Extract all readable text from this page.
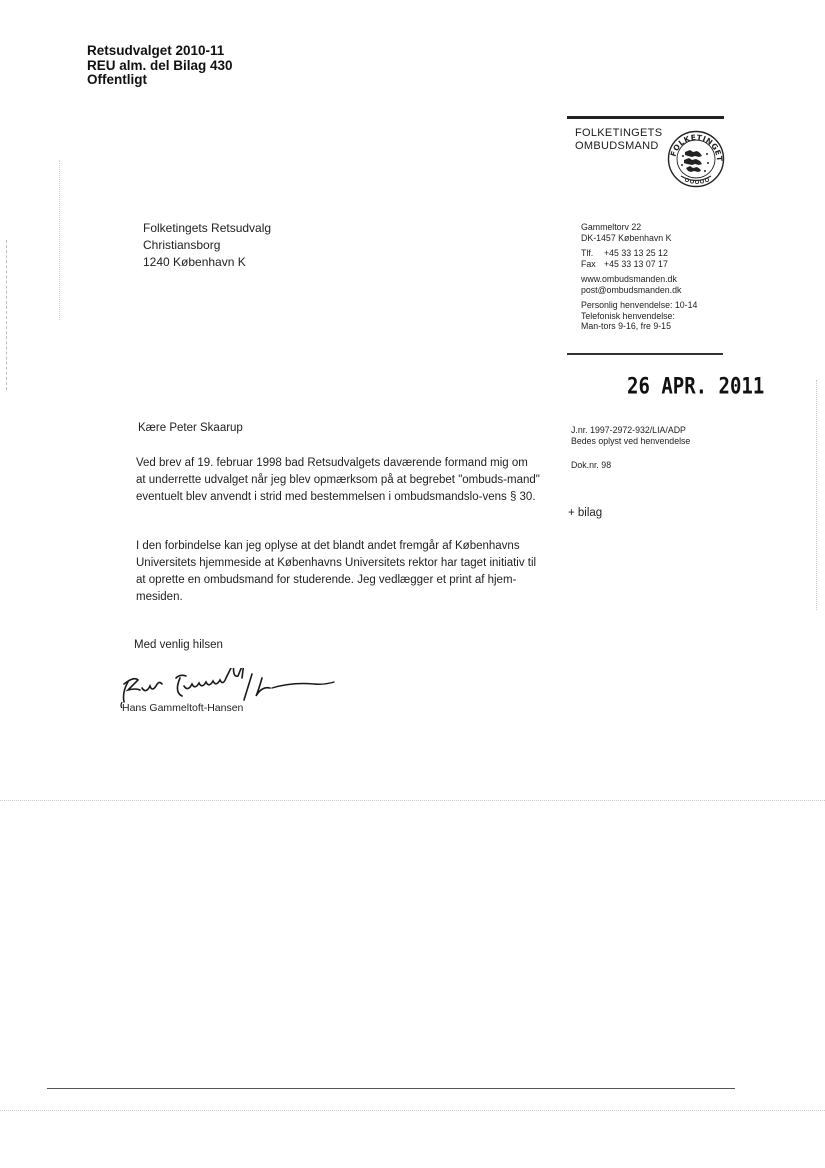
Retsudvalget 2010-11
REU alm. del Bilag 430
Offentligt
FOLKETINGETS
OMBUDSMAND
FOLKETINGET
Folketingets Retsudvalg
Christiansborg
1240 København K
Gammeltorv 22
DK-1457 København K
Tlf.	+45 33 13 25 12
Fax +45 33 13 07 17
www.ombudsmanden.dk
post@ombudsmanden.dk
Personlig henvendelse: 10-14
Telefonisk henvendelse:
Man-tors 9-16, fre 9-15
26 APR. 2011
J.nr. 1997-2972-932/LIA/ADP
Bedes oplyst ved henvendelse
Dok.nr. 98
+ bilag
Kære Peter Skaarup
Ved brev af 19. februar 1998 bad Retsudvalgets daværende formand mig om at underrette udvalget når jeg blev opmærksom på at begrebet "ombuds-mand" eventuelt blev anvendt i strid med bestemmelsen i ombudsmandslo-vens § 30.
I den forbindelse kan jeg oplyse at det blandt andet fremgår af Københavns Universitets hjemmeside at Københavns Universitets rektor har taget initiativ til at oprette en ombudsmand for studerende. Jeg vedlægger et print af hjem-mesiden.
Med venlig hilsen
Hans Gammeltoft-Hansen
